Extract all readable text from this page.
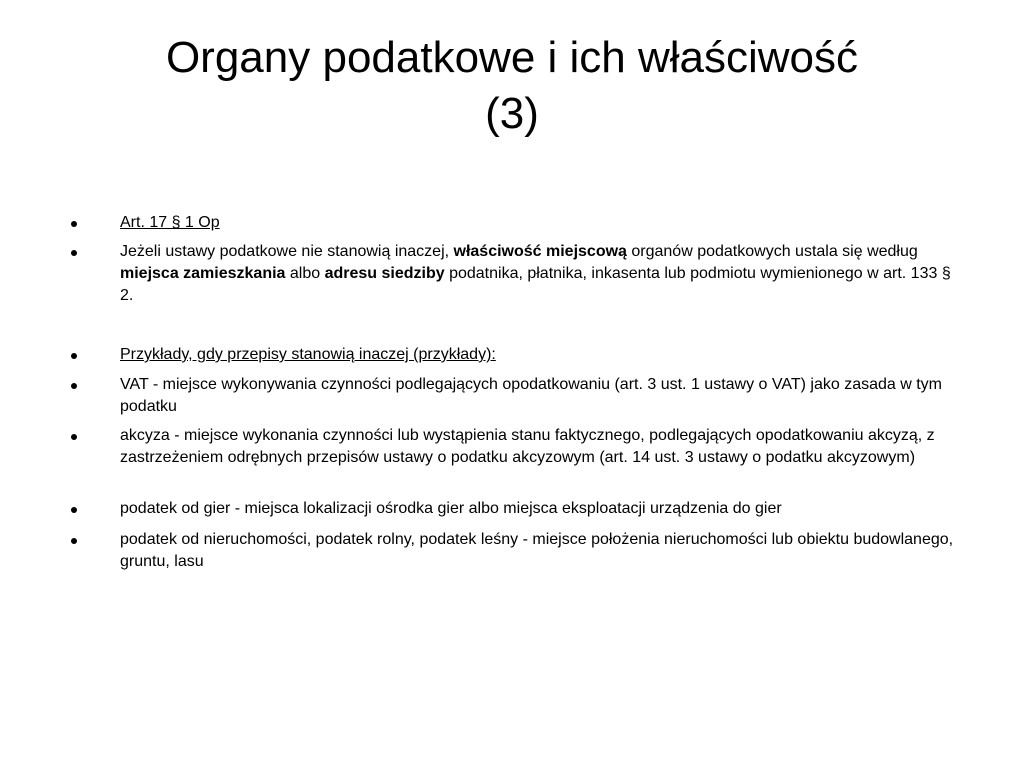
Organy podatkowe i ich właściwość
(3)

Art. 17 § 1 Op

Jeżeli ustawy podatkowe nie stanowią inaczej, właściwość miejscową organów podatkowych ustala się według miejsca zamieszkania albo adresu siedziby podatnika, płatnika, inkasenta lub podmiotu wymienionego w art. 133 § 2.

Przykłady, gdy przepisy stanowią inaczej (przykłady):

VAT - miejsce wykonywania czynności podlegających opodatkowaniu (art. 3 ust. 1 ustawy o VAT) jako zasada w tym podatku

akcyza - miejsce wykonania czynności lub wystąpienia stanu faktycznego, podlegających opodatkowaniu akcyzą, z zastrzeżeniem odrębnych przepisów ustawy o podatku akcyzowym (art. 14 ust. 3 ustawy o podatku akcyzowym)

podatek od gier - miejsca lokalizacji ośrodka gier albo miejsca eksploatacji urządzenia do gier

podatek od nieruchomości, podatek rolny, podatek leśny - miejsce położenia nieruchomości lub obiektu budowlanego, gruntu, lasu
